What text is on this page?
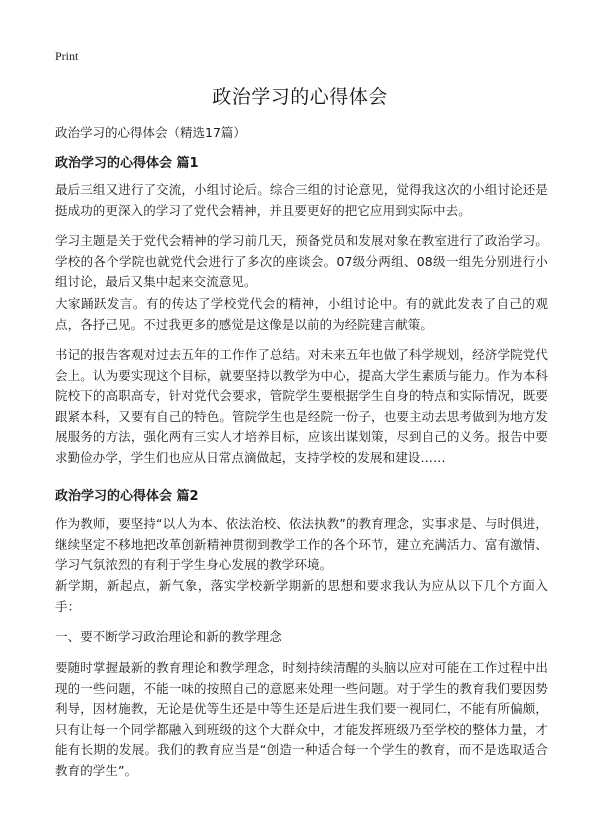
Print
政治学习的心得体会
政治学习的心得体会（精选17篇）
政治学习的心得体会 篇1

最后三组又进行了交流，小组讨论后。综合三组的讨论意见，觉得我这次的小组讨论还是挺成功的更深入的学习了党代会精神，并且要更好的把它应用到实际中去。

学习主题是关于党代会精神的学习前几天，预备党员和发展对象在教室进行了政治学习。学校的各个学院也就党代会进行了多次的座谈会。07级分两组、08级一组先分别进行小组讨论，最后又集中起来交流意见。

大家踊跃发言。有的传达了学校党代会的精神，小组讨论中。有的就此发表了自己的观点，各抒己见。不过我更多的感觉是这像是以前的为经院建言献策。

书记的报告客观对过去五年的工作作了总结。对未来五年也做了科学规划，经济学院党代会上。认为要实现这个目标，就要坚持以教学为中心，提高大学生素质与能力。作为本科院校下的高职高专，针对党代会要求，管院学生要根据学生自身的特点和实际情况，既要跟紧本科，又要有自己的特色。管院学生也是经院一份子，也要主动去思考做到为地方发展服务的方法，强化两有三实人才培养目标，应该出谋划策，尽到自己的义务。报告中要求勤俭办学，学生们也应从日常点滴做起，支持学校的发展和建设……

政治学习的心得体会 篇2

作为教师，要坚持“以人为本、依法治校、依法执教”的教育理念，实事求是、与时俱进，继续坚定不移地把改革创新精神贯彻到教学工作的各个环节，建立充满活力、富有激情、学习气氛浓烈的有利于学生身心发展的教学环境。

新学期，新起点，新气象，落实学校新学期新的思想和要求我认为应从以下几个方面入手：

一、要不断学习政治理论和新的教学理念

要随时掌握最新的教育理论和教学理念，时刻持续清醒的头脑以应对可能在工作过程中出现的一些问题，不能一味的按照自己的意愿来处理一些问题。对于学生的教育我们要因势利导，因材施教，无论是优等生还是中等生还是后进生我们要一视同仁，不能有所偏颇，只有让每一个同学都融入到班级的这个大群众中，才能发挥班级乃至学校的整体力量，才能有长期的发展。我们的教育应当是“创造一种适合每一个学生的教育，而不是选取适合教育的学生”。
